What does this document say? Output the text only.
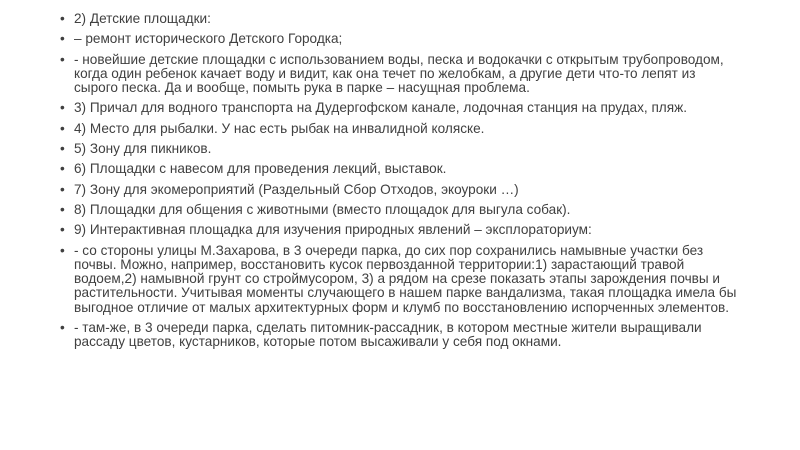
• 2) Детские площадки:
• – ремонт исторического Детского Городка;
• - новейшие детские площадки с использованием воды, песка и водокачки с открытым трубопроводом, когда один ребенок качает воду и видит, как она течет по желобкам, а другие дети что-то лепят из сырого песка. Да и вообще, помыть рука в парке – насущная проблема.
• 3) Причал для водного транспорта на Дудергофском канале, лодочная станция на прудах, пляж.
• 4) Место для рыбалки. У нас есть рыбак на инвалидной коляске.
• 5) Зону для пикников.
• 6) Площадки с навесом для проведения лекций, выставок.
• 7) Зону для экомероприятий (Раздельный Сбор Отходов, экоуроки …)
• 8) Площадки для общения с животными (вместо площадок для выгула собак).
• 9) Интерактивная площадка для изучения природных явлений – эксплораториум:
• - со стороны улицы М.Захарова, в 3 очереди парка, до сих пор сохранились намывные участки без почвы. Можно, например, восстановить кусок первозданной территории:1) зарастающий травой водоем,2) намывной грунт со строймусором, 3) а рядом на срезе показать этапы зарождения почвы и растительности. Учитывая моменты случающего в нашем парке вандализма, такая площадка имела бы выгодное отличие от малых архитектурных форм и клумб по восстановлению испорченных элементов.
• - там-же, в 3 очереди парка, сделать питомник-рассадник, в котором местные жители выращивали рассаду цветов, кустарников, которые потом высаживали у себя под окнами.
